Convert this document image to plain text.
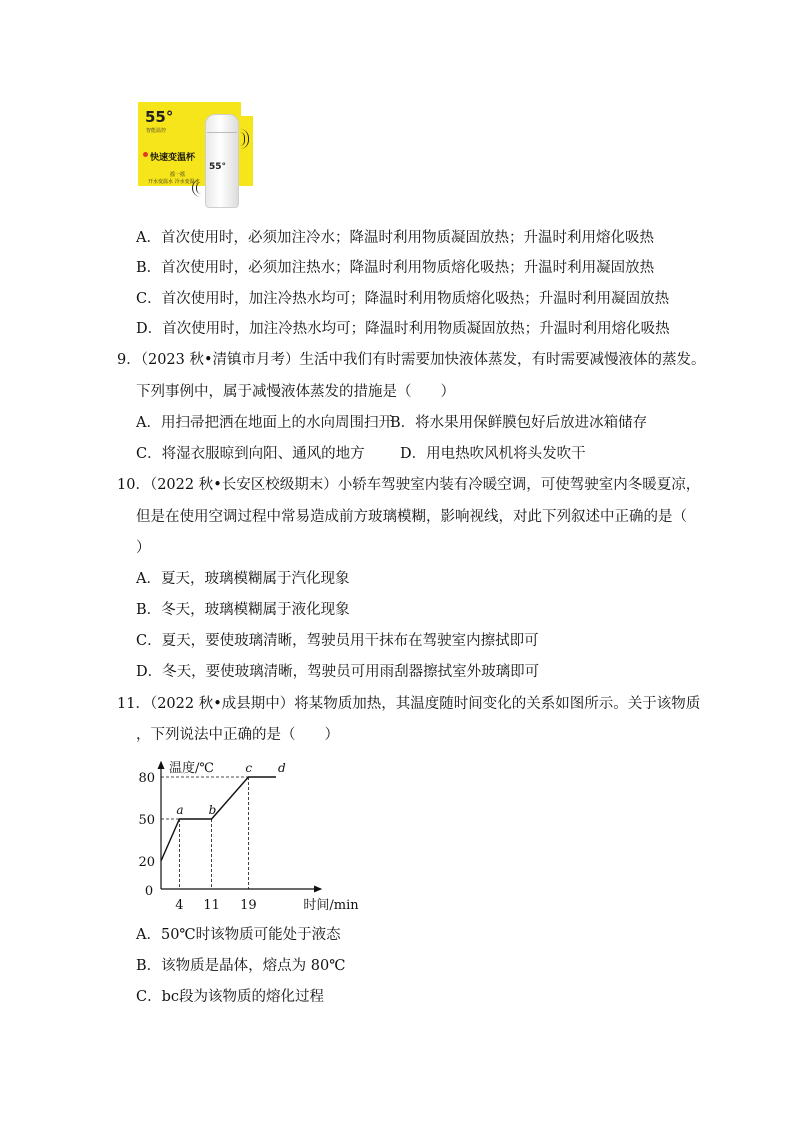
55°
智能温控
快速变温杯
摇一摇
开水变温水 冷水变温水
55°
A．首次使用时，必须加注冷水；降温时利用物质凝固放热；升温时利用熔化吸热
B．首次使用时，必须加注热水；降温时利用物质熔化吸热；升温时利用凝固放热
C．首次使用时，加注冷热水均可；降温时利用物质熔化吸热；升温时利用凝固放热
D．首次使用时，加注冷热水均可；降温时利用物质凝固放热；升温时利用熔化吸热
9．（2023 秋•清镇市月考）生活中我们有时需要加快液体蒸发，有时需要减慢液体的蒸发。
下列事例中，属于减慢液体蒸发的措施是（　　）
A．用扫帚把洒在地面上的水向周围扫开
B．将水果用保鲜膜包好后放进冰箱储存
C．将湿衣服晾到向阳、通风的地方 D．用电热吹风机将头发吹干
10．（2022 秋•长安区校级期末）小轿车驾驶室内装有冷暖空调，可使驾驶室内冬暖夏凉，
但是在使用空调过程中常易造成前方玻璃模糊，影响视线，对此下列叙述中正确的是（
）
A．夏天，玻璃模糊属于汽化现象
B．冬天，玻璃模糊属于液化现象
C．夏天，要使玻璃清晰，驾驶员用干抹布在驾驶室内擦拭即可
D．冬天，要使玻璃清晰，驾驶员可用雨刮器擦拭室外玻璃即可
11．（2022 秋•成县期中）将某物质加热，其温度随时间变化的关系如图所示。关于该物质
，下列说法中正确的是（　　）
温度/℃
时间/min
0
20
50
80
4 11 19
a b
c d
A．50℃时该物质可能处于液态
B．该物质是晶体，熔点为 80℃
C．bc段为该物质的熔化过程
